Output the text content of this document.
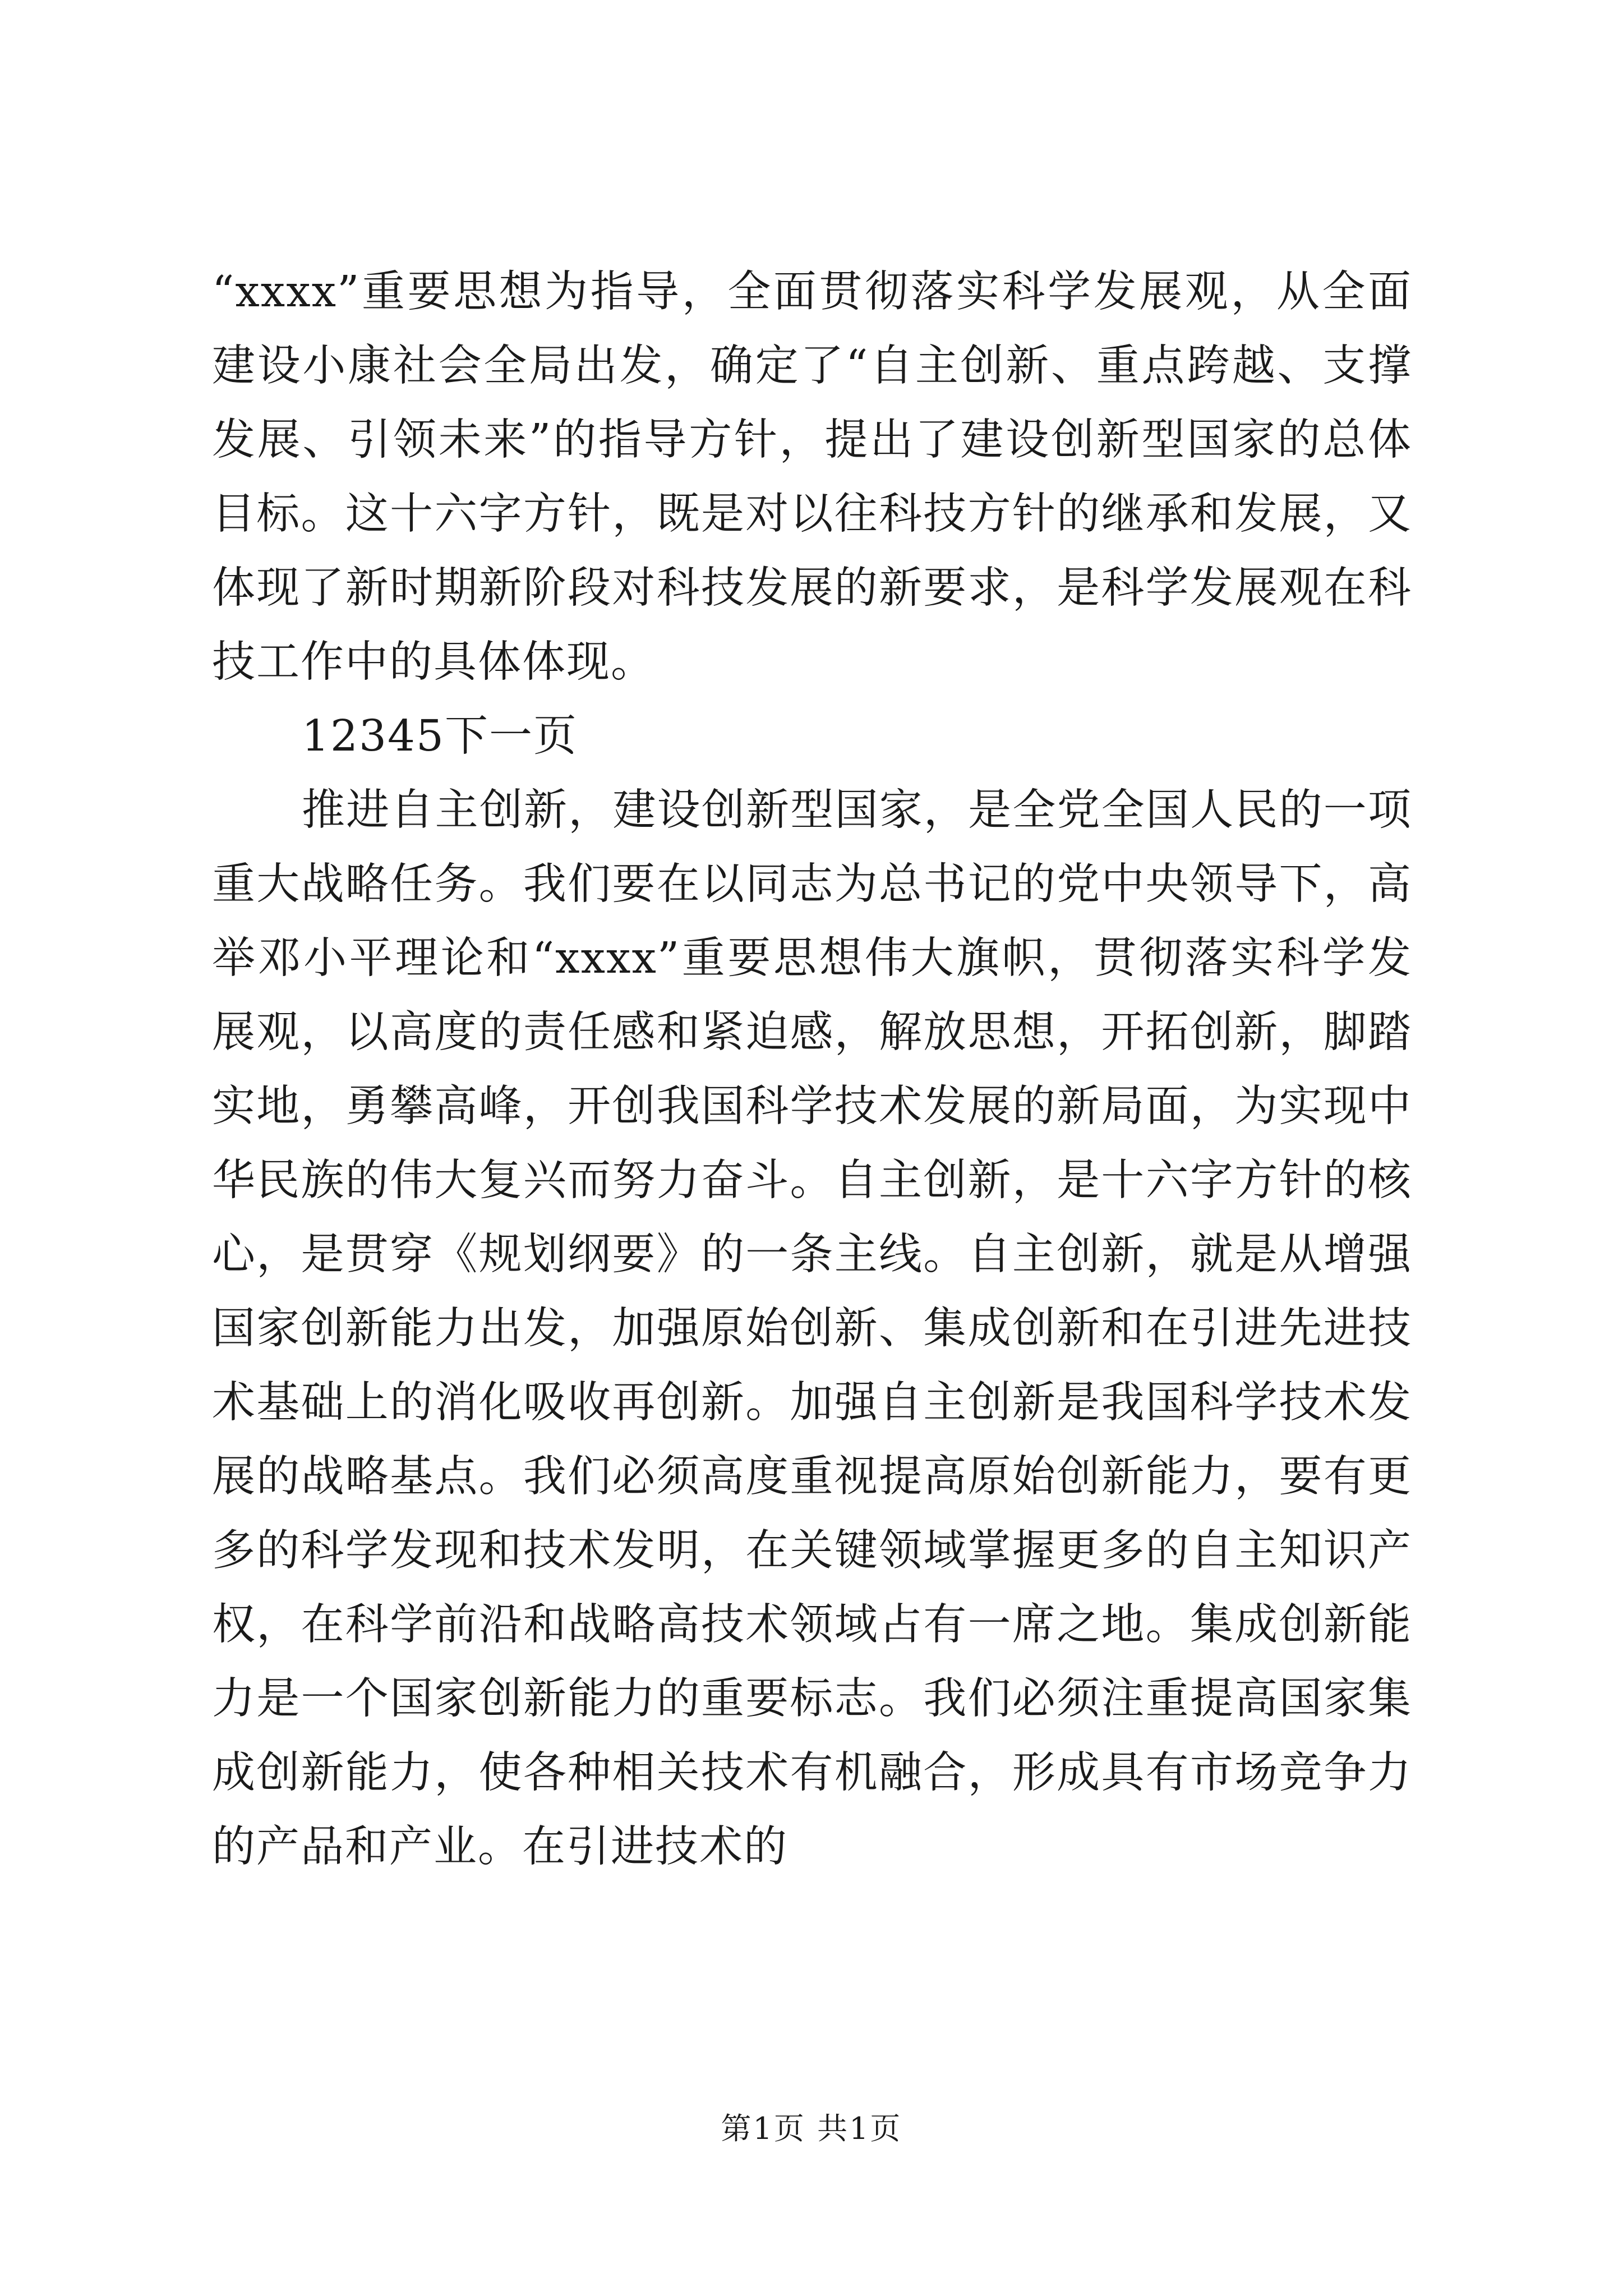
“xxxx”重要思想为指导，全面贯彻落实科学发展观，从全面建设小康社会全局出发，确定了“自主创新、重点跨越、支撑发展、引领未来”的指导方针，提出了建设创新型国家的总体目标。这十六字方针，既是对以往科技方针的继承和发展，又体现了新时期新阶段对科技发展的新要求，是科学发展观在科技工作中的具体体现。

12345下一页

推进自主创新，建设创新型国家，是全党全国人民的一项重大战略任务。我们要在以同志为总书记的党中央领导下，高举邓小平理论和“xxxx”重要思想伟大旗帜，贯彻落实科学发展观，以高度的责任感和紧迫感，解放思想，开拓创新，脚踏实地，勇攀高峰，开创我国科学技术发展的新局面，为实现中华民族的伟大复兴而努力奋斗。自主创新，是十六字方针的核心，是贯穿《规划纲要》的一条主线。自主创新，就是从增强国家创新能力出发，加强原始创新、集成创新和在引进先进技术基础上的消化吸收再创新。加强自主创新是我国科学技术发展的战略基点。我们必须高度重视提高原始创新能力，要有更多的科学发现和技术发明，在关键领域掌握更多的自主知识产权，在科学前沿和战略高技术领域占有一席之地。集成创新能力是一个国家创新能力的重要标志。我们必须注重提高国家集成创新能力，使各种相关技术有机融合，形成具有市场竞争力的产品和产业。在引进技术的

第1页 共1页
